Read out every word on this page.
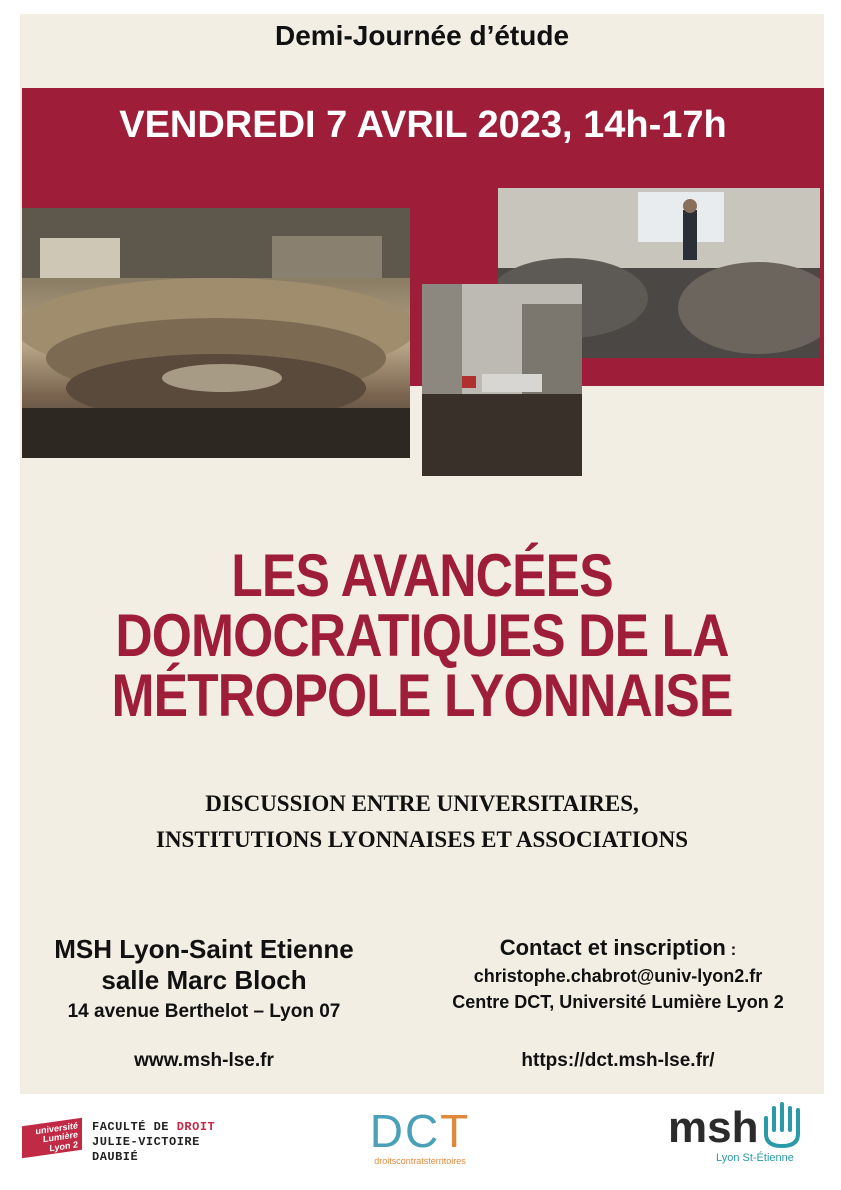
Demi-Journée d’étude
VENDREDI 7 AVRIL 2023, 14h-17h
LES AVANCÉES
DOMOCRATIQUES DE LA
MÉTROPOLE LYONNAISE
DISCUSSION ENTRE UNIVERSITAIRES,
INSTITUTIONS LYONNAISES ET ASSOCIATIONS
MSH Lyon-Saint Etienne
salle Marc Bloch
14 avenue Berthelot – Lyon 07
Contact et inscription :
christophe.chabrot@univ-lyon2.fr
Centre DCT, Université Lumière Lyon 2
www.msh-lse.fr	https://dct.msh-lse.fr/
université Lumière Lyon 2
FACULTÉ DE DROIT
JULIE-VICTOIRE
DAUBIÉ	DCT
droitscontratsterritoires
msh
Lyon St-Étienne
